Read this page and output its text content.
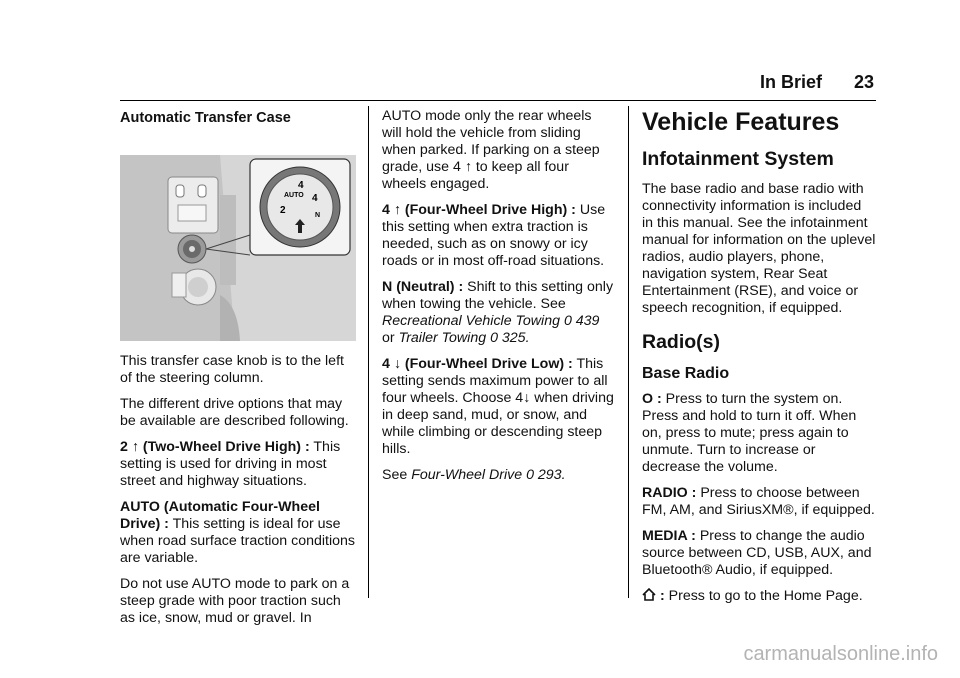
In Brief 23
Automatic Transfer Case
AUTO
4
4
2	N

This transfer case knob is to the left of the steering column.

The different drive options that may be available are described following.

2 ↑ (Two-Wheel Drive High) : This setting is used for driving in most street and highway situations.

AUTO (Automatic Four-Wheel Drive) : This setting is ideal for use when road surface traction conditions are variable.

Do not use AUTO mode to park on a steep grade with poor traction such as ice, snow, mud or gravel. In

AUTO mode only the rear wheels will hold the vehicle from sliding when parked. If parking on a steep grade, use 4 ↑ to keep all four wheels engaged.

4 ↑ (Four-Wheel Drive High) : Use this setting when extra traction is needed, such as on snowy or icy roads or in most off-road situations.

N (Neutral) : Shift to this setting only when towing the vehicle. See Recreational Vehicle Towing 0 439 or Trailer Towing 0 325.

4 ↓ (Four-Wheel Drive Low) : This setting sends maximum power to all four wheels. Choose 4↓ when driving in deep sand, mud, or snow, and while climbing or descending steep hills.

See Four-Wheel Drive 0 293.

Vehicle Features
Infotainment System

The base radio and base radio with connectivity information is included in this manual. See the infotainment manual for information on the uplevel radios, audio players, phone, navigation system, Rear Seat Entertainment (RSE), and voice or speech recognition, if equipped.

Radio(s)
Base Radio

O : Press to turn the system on. Press and hold to turn it off. When on, press to mute; press again to unmute. Turn to increase or decrease the volume.

RADIO : Press to choose between FM, AM, and SiriusXM®, if equipped.

MEDIA : Press to change the audio source between CD, USB, AUX, and Bluetooth® Audio, if equipped.

: Press to go to the Home Page.

carmanualsonline.info
